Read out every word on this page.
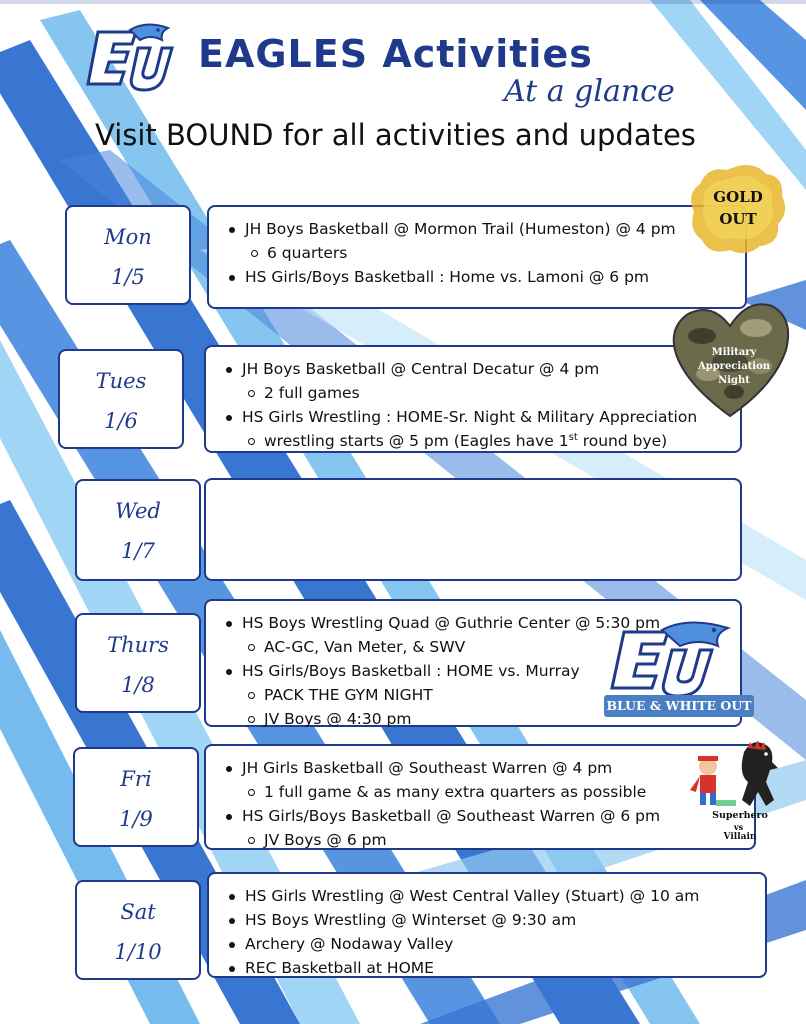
EAGLES Activities
At a glance
Visit BOUND for all activities and updates
Mon
1/5
JH Boys Basketball @ Mormon Trail (Humeston) @ 4 pm
6 quarters
HS Girls/Boys Basketball : Home vs. Lamoni @ 6 pm
Tues
1/6
JH Boys Basketball @ Central Decatur @ 4 pm
2 full games
HS Girls Wrestling : HOME-Sr. Night & Military Appreciation
wrestling starts @ 5 pm (Eagles have 1st round bye)
Wed
1/7
Thurs
1/8
HS Boys Wrestling Quad @ Guthrie Center @ 5:30 pm
AC-GC, Van Meter, & SWV
HS Girls/Boys Basketball : HOME vs. Murray
PACK THE GYM NIGHT
JV Boys @ 4:30 pm
Fri
1/9
JH Girls Basketball @ Southeast Warren @ 4 pm
1 full game & as many extra quarters as possible
HS Girls/Boys Basketball @ Southeast Warren @ 6 pm
JV Boys @ 6 pm
Sat
1/10
HS Girls Wrestling @ West Central Valley (Stuart) @ 10 am
HS Boys Wrestling @ Winterset @ 9:30 am
Archery @ Nodaway Valley
REC Basketball at HOME
GOLD
OUT
Military
Appreciation
Night
BLUE & WHITE OUT
Superhero
vs
Villain
